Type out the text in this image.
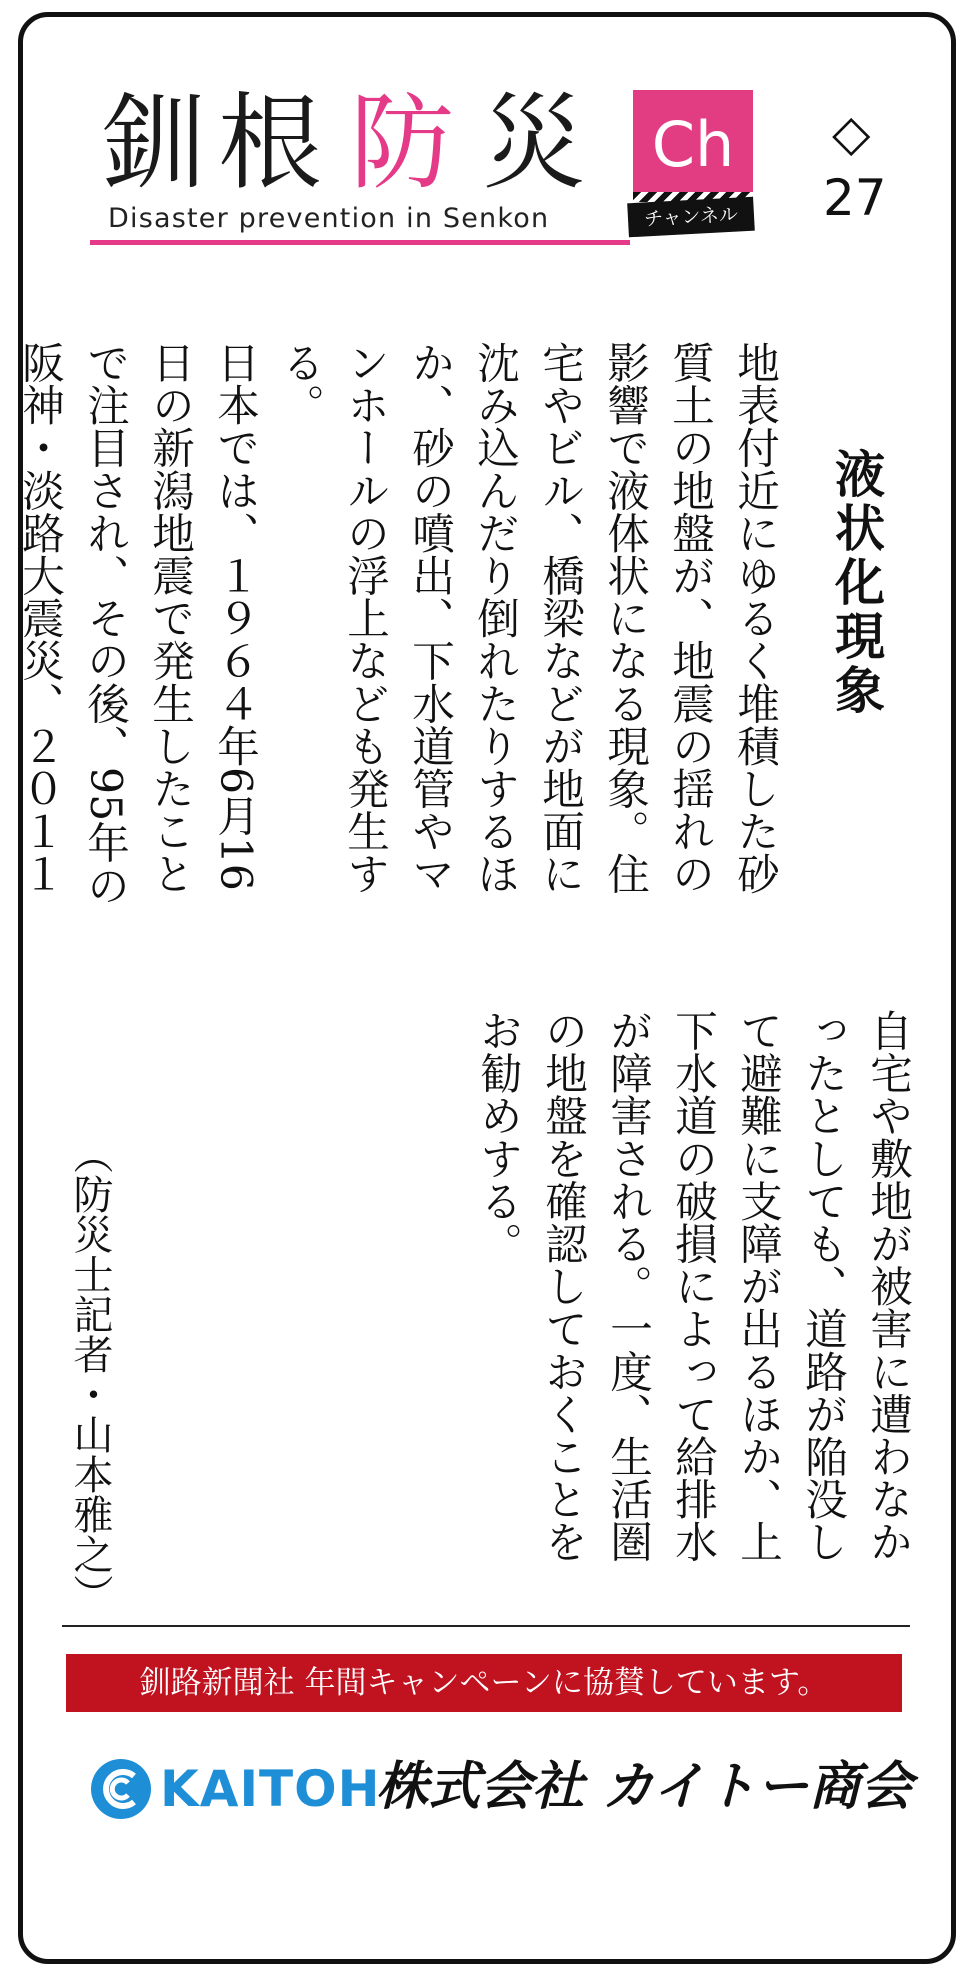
釧 根 防 災	Ch
チャンネル
Disaster prevention in Senkon
◇
27
液状化現象

地表付近にゆるく堆積した砂質土の地盤が、地震の揺れの影響で液体状になる現象。住宅やビル、橋梁などが地面に沈み込んだり倒れたりするほか、砂の噴出、下水道管やマンホールの浮上なども発生する。

日本では、１９６４年6月16日の新潟地震で発生したことで注目され、その後、95年の阪神・淡路大震災、２０１１

自宅や敷地が被害に遭わなかったとしても、道路が陥没して避難に支障が出るほか、上下水道の破損によって給排水が障害される。一度、生活圏の地盤を確認しておくことをお勧めする。

（防災士記者・山本雅之）
釧路新聞社 年間キャンペーンに協賛しています。
KAITOH
株式会社 カイトー商会
